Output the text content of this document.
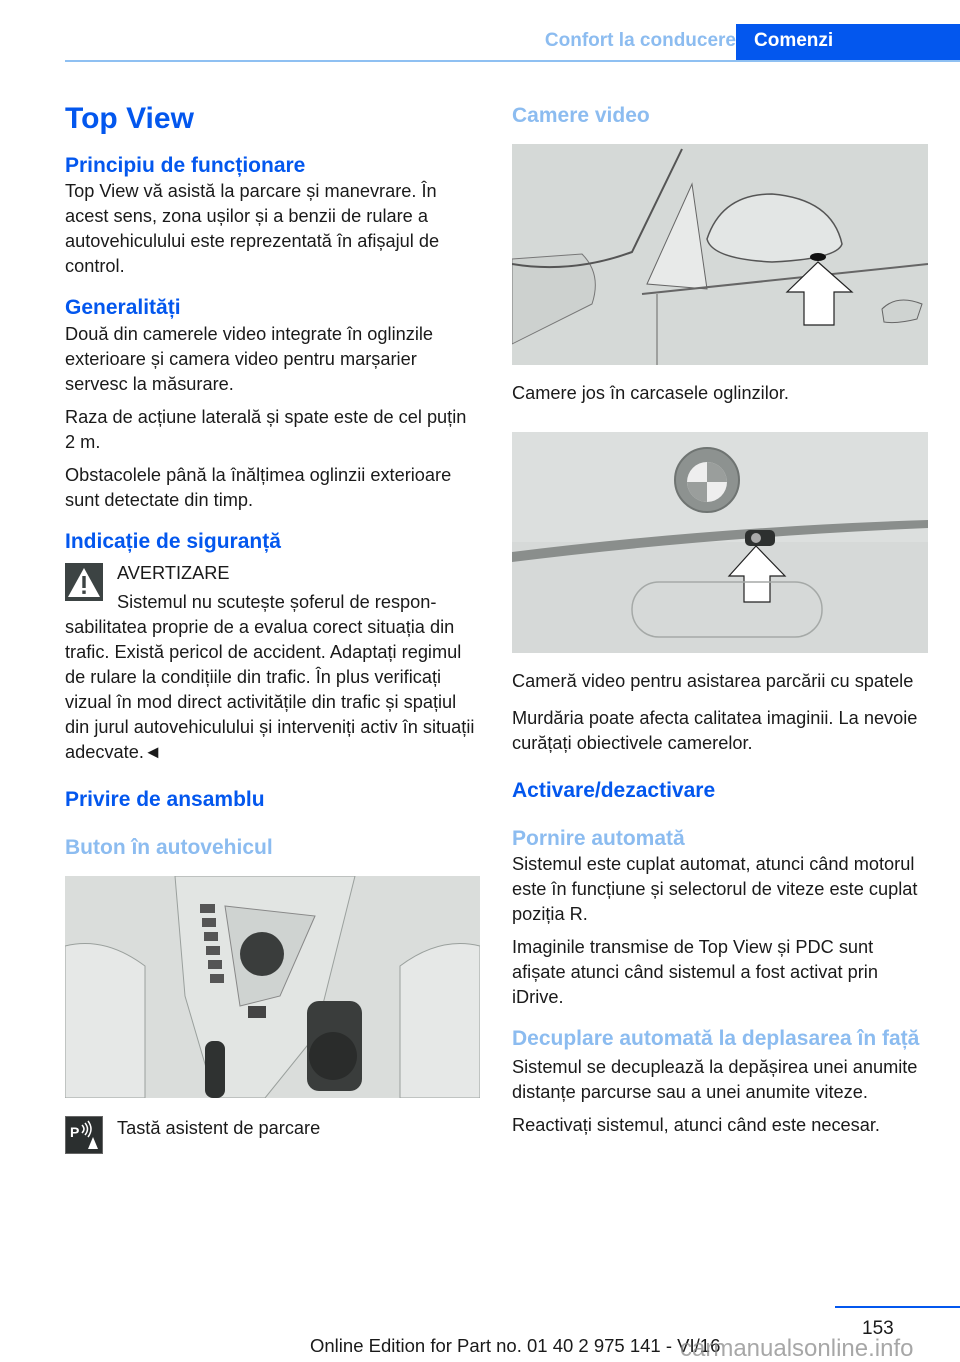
Confort la conducere Comenzi
Top View
Principiu de funcționare

Top View vă asistă la parcare și manevrare. În acest sens, zona ușilor și a benzii de rulare a autovehiculului este reprezentată în afișajul de control.

Generalități

Două din camerele video integrate în oglinzile exterioare și camera video pentru marșarier servesc la măsurare.

Raza de acțiune laterală și spate este de cel puțin 2 m.

Obstacolele până la înălțimea oglinzii exterioare sunt detectate din timp.

Indicație de siguranță
AVERTIZARE
Sistemul nu scutește șoferul de responsabilitatea proprie de a evalua corect situația din trafic. Există pericol de accident. Adaptați regimul de rulare la condițiile din trafic. În plus verificați vizual în mod direct activitățile din trafic și spațiul din jurul autovehiculului și interveniți activ în situații adecvate.◄
Privire de ansamblu
Buton în autovehicul
P	Tastă asistent de parcare
Camere video

Camere jos în carcasele oglinzilor.

Cameră video pentru asistarea parcării cu spatele

Murdăria poate afecta calitatea imaginii. La nevoie curățați obiectivele camerelor.

Activare/dezactivare
Pornire automată

Sistemul este cuplat automat, atunci când motorul este în funcțiune și selectorul de viteze este cuplat poziția R.

Imaginile transmise de Top View și PDC sunt afișate atunci când sistemul a fost activat prin iDrive.

Decuplare automată la deplasarea în față

Sistemul se decuplează la depășirea unei anumite distanțe parcurse sau a unei anumite viteze.

Reactivați sistemul, atunci când este necesar.

153
Online Edition for Part no. 01 40 2 975 141 - VI/16
carmanualsonline.info
